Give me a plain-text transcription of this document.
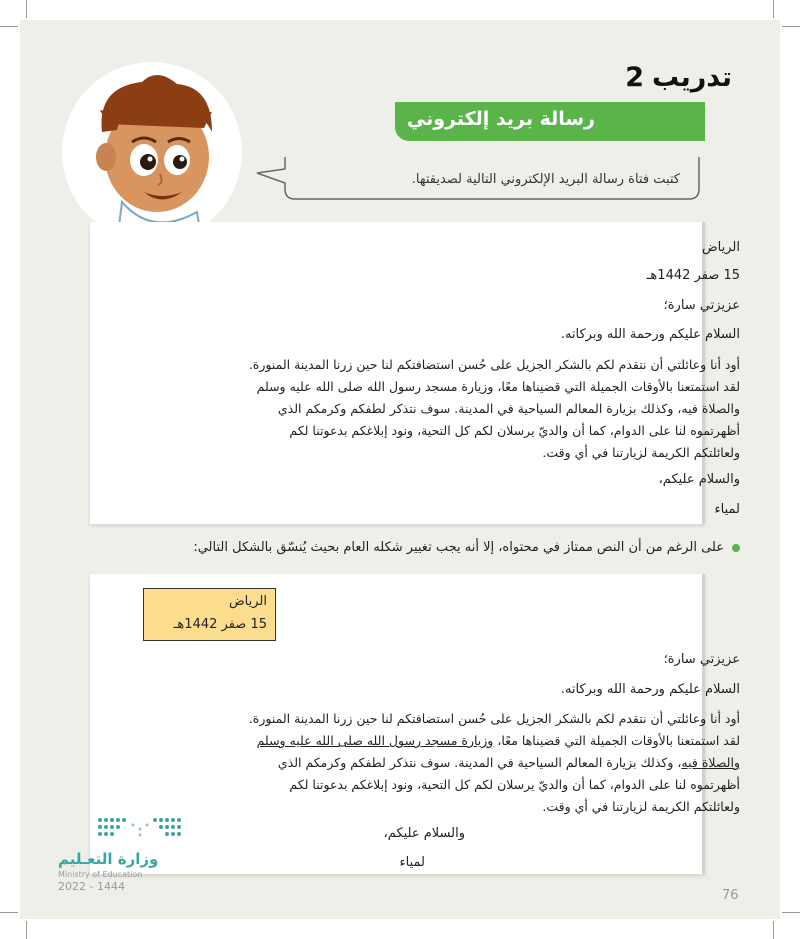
تدريب
2
رسالة بريد إلكتروني
كتبت فتاة رسالة البريد الإلكتروني التالية لصديقتها.
الرياض
15 صفر 1442هـ
عزيزتي سارة؛
السلام عليكم ورحمة الله وبركاته.
أود أنا وعائلتي أن نتقدم لكم بالشكر الجزيل على حُسن استضافتكم لنا حين زرنا المدينة المنورة.
لقد استمتعنا بالأوقات الجميلة التي قضيناها معًا، وزيارة مسجد رسول الله صلى الله عليه وسلم
والصلاة فيه، وكذلك بزيارة المعالم السياحية في المدينة. سوف نتذكر لطفكم وكرمكم الذي
أظهرتموه لنا على الدوام، كما أن والديّ يرسلان لكم كل التحية، ونود إبلاغكم بدعوتنا لكم
ولعائلتكم الكريمة لزيارتنا في أي وقت.
والسلام عليكم،
لمياء
على الرغم من أن النص ممتاز في محتواه، إلا أنه يجب تغيير شكله العام بحيث يُنسّق بالشكل التالي:
الرياض
15 صفر 1442هـ
عزيزتي سارة؛
السلام عليكم ورحمة الله وبركاته.
أود أنا وعائلتي أن نتقدم لكم بالشكر الجزيل على حُسن استضافتكم لنا حين زرنا المدينة المنورة.
لقد استمتعنا بالأوقات الجميلة التي قضيناها معًا، وزيارة مسجد رسول الله صلى الله عليه وسلم
والصلاة فيه، وكذلك بزيارة المعالم السياحية في المدينة. سوف نتذكر لطفكم وكرمكم الذي
أظهرتموه لنا على الدوام، كما أن والديّ يرسلان لكم كل التحية، ونود إبلاغكم بدعوتنا لكم
ولعائلتكم الكريمة لزيارتنا في أي وقت.
والسلام عليكم،
لمياء
وزارة التعـليم
Ministry of Education
2022 - 1444
76
